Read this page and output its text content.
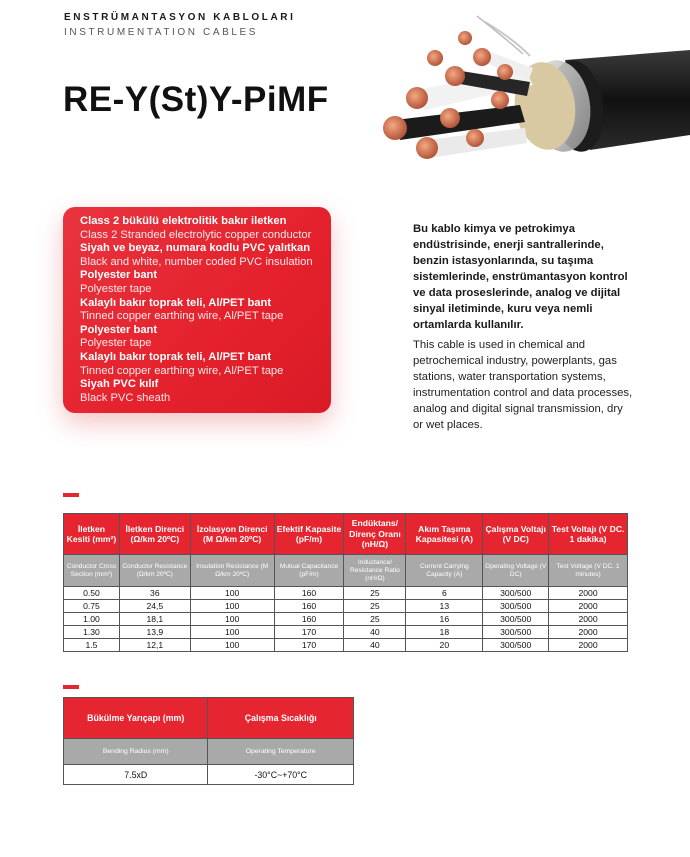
ENSTRÜMANTASYON KABLOLARI
INSTRUMENTATION CABLES
RE-Y(St)Y-PiMF
Class 2 bükülü elektrolitik bakır iletken
Class 2 Stranded electrolytic copper conductor
Siyah ve beyaz, numara kodlu PVC yalıtkan
Black and white, number coded PVC insulation
Polyester bant
Polyester tape
Kalaylı bakır toprak teli, Al/PET bant
Tinned copper earthing wire, Al/PET tape
Polyester bant
Polyester tape
Kalaylı bakır toprak teli, Al/PET bant
Tinned copper earthing wire, Al/PET tape
Siyah PVC kılıf
Black PVC sheath
Bu kablo kimya ve petrokimya endüstrisinde, enerji santrallerinde, benzin istasyonlarında, su taşıma sistemlerinde, enstrümantasyon kontrol ve data proseslerinde, analog ve dijital sinyal iletiminde, kuru veya nemli ortamlarda kullanılır.
This cable is used in chemical and petrochemical industry, powerplants, gas stations, water transportation systems, instrumentation control and data processes, analog and digital signal transmission, dry or wet places.
İletken Kesiti (mm²)	İletken Direnci (Ω/km 20ºC)	İzolasyon Direnci (M Ω/km 20ºC)	Efektif Kapasite (pF/m)	Endüktans/ Direnç Oranı (nH/Ω)	Akım Taşıma Kapasitesi (A)	Çalışma Voltajı (V DC)	Test Voltajı (V DC. 1 dakika)
Conductor Cross Section (mm²)	Conductor Resistance (Ω/km 20ºC)	Insulation Resistance (M Ω/km 20ºC)	Mutual Capacitance (pF/m)	Inductance/ Resistance Ratio (nH/Ω)	Current Carrying Capacity (A)	Operating Voltage (V DC)	Test Voltage (V DC. 1 minutes)
0.50	36	100	160	25	6	300/500	2000
0.75	24,5	100	160	25	13	300/500	2000
1.00	18,1	100	160	25	16	300/500	2000
1.30	13,9	100	170	40	18	300/500	2000
1.5	12,1	100	170	40	20	300/500	2000
Bükülme Yarıçapı (mm)	Çalışma Sıcaklığı
Bending Radius (mm)	Operating Temperature
7.5xD	-30°C~+70°C
